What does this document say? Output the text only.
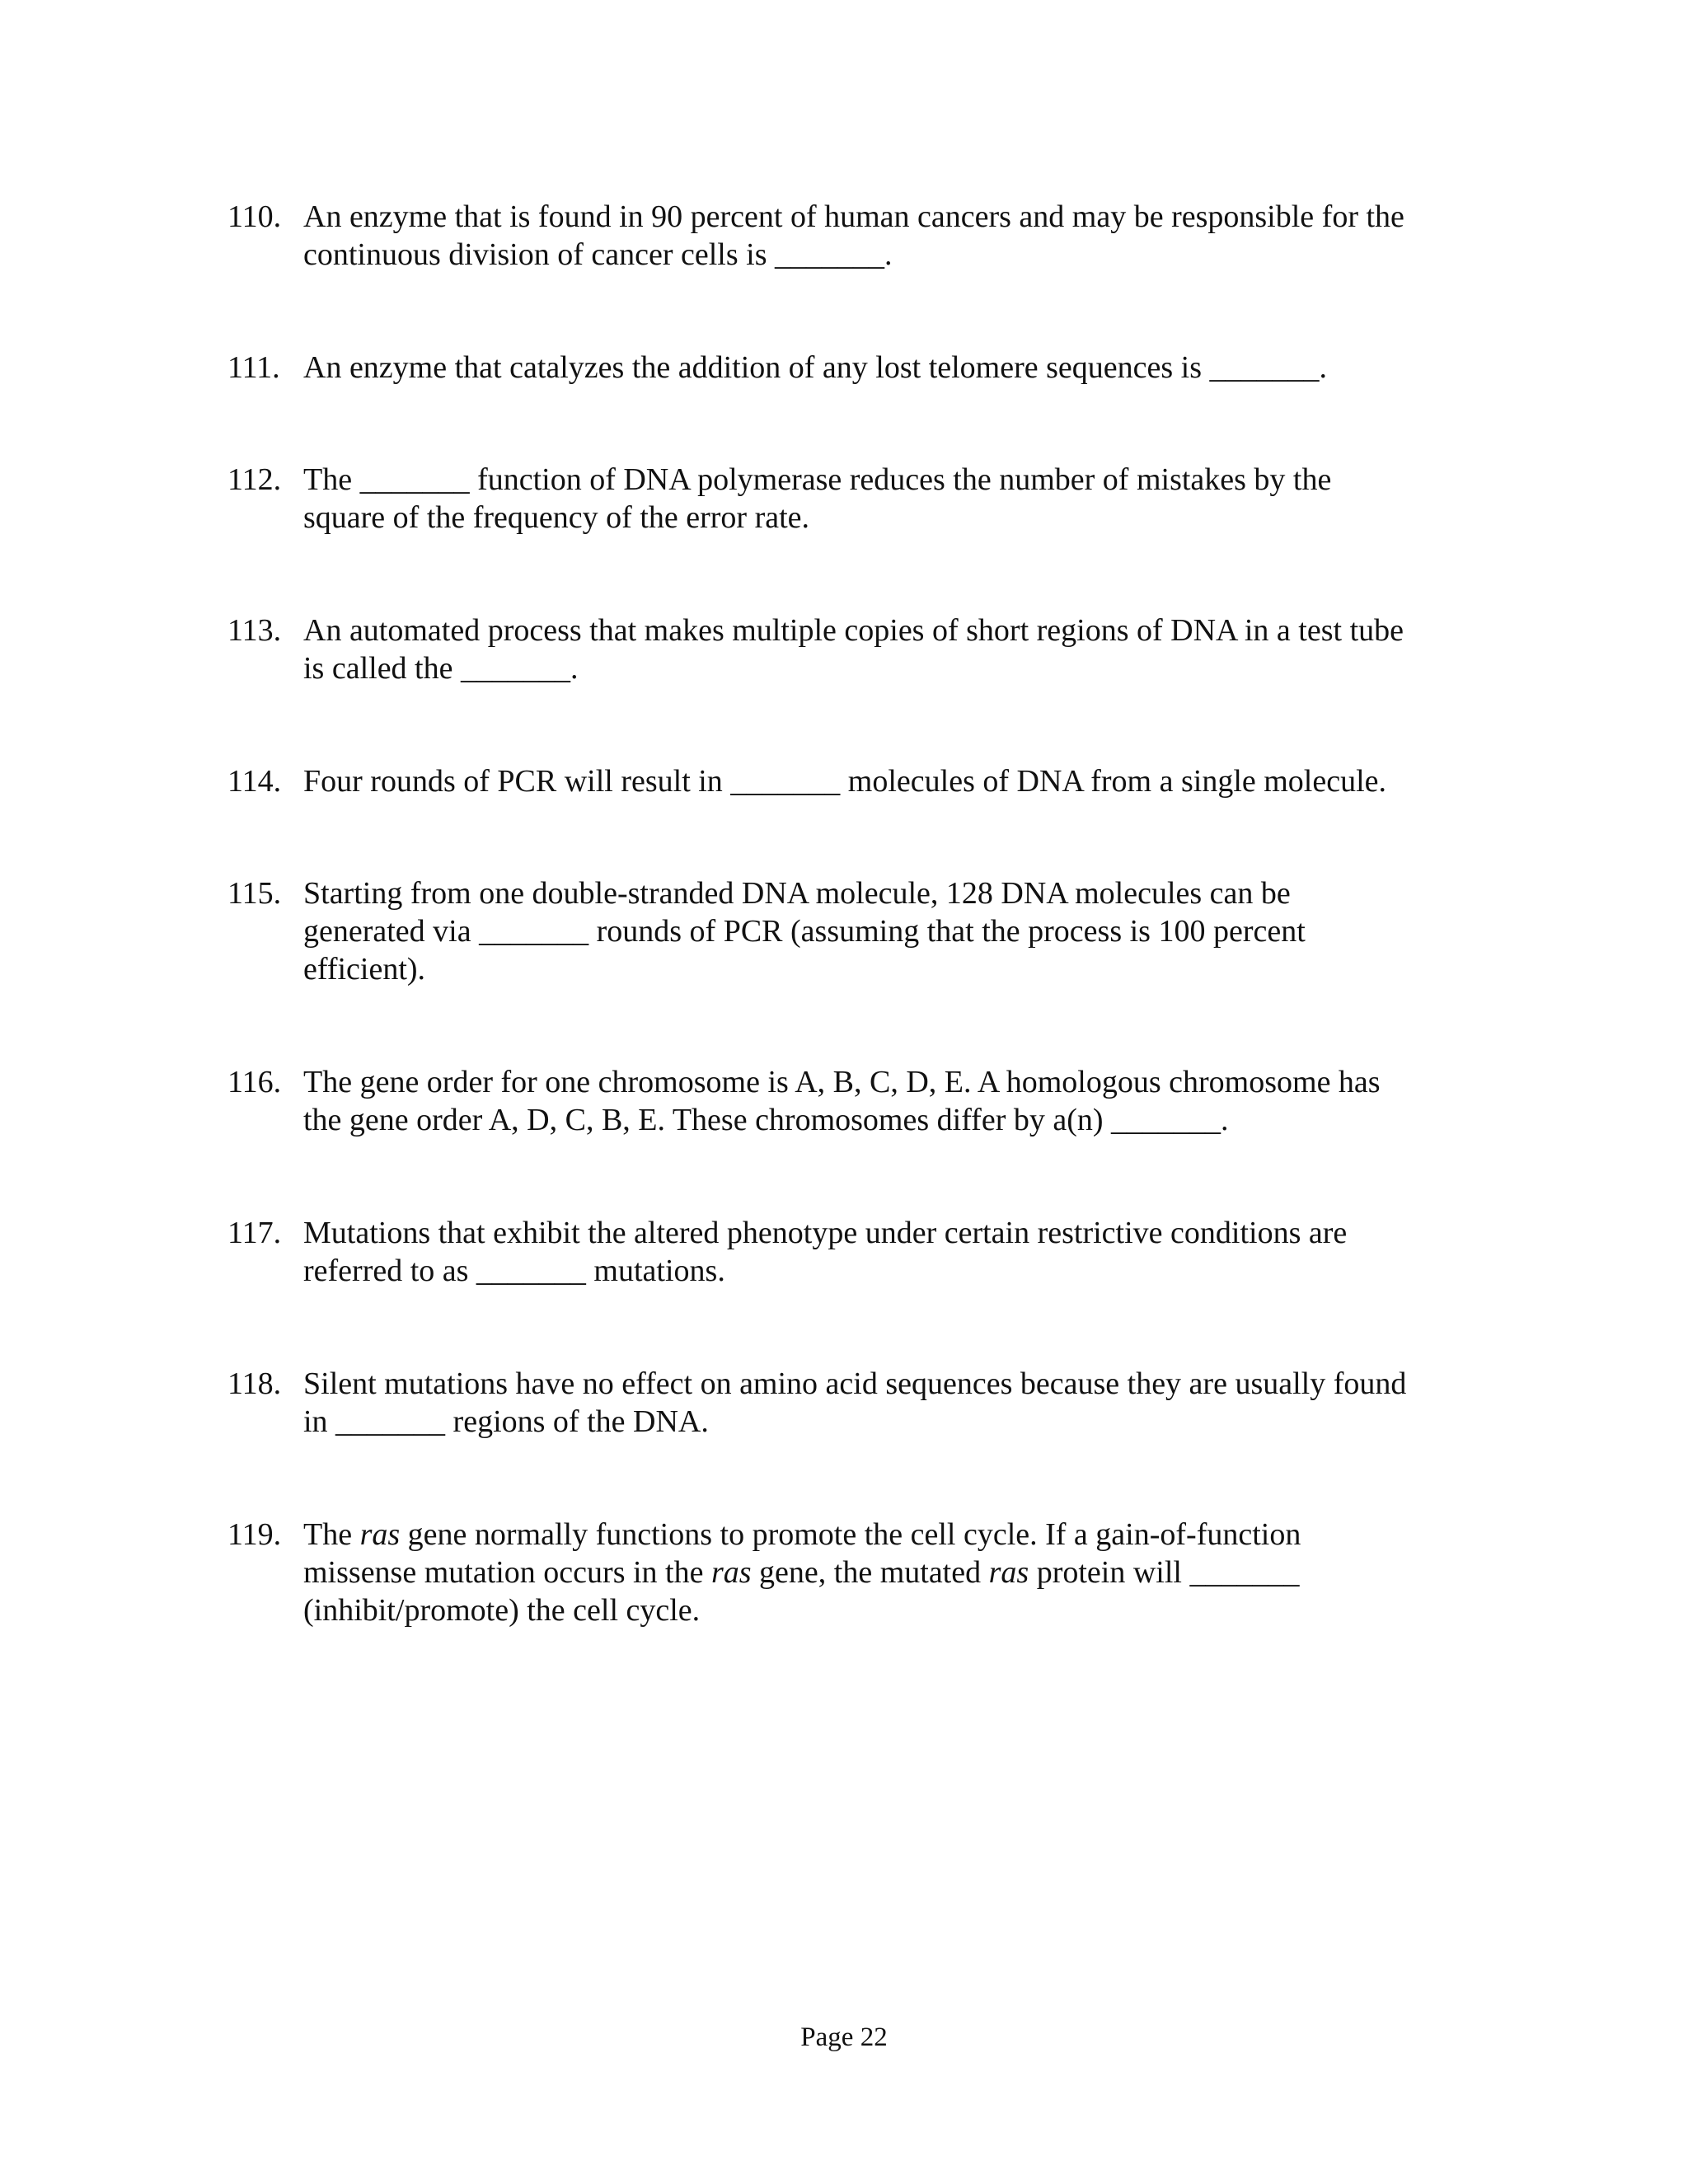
110. An enzyme that is found in 90 percent of human cancers and may be responsible for the
continuous division of cancer cells is _______.
111. An enzyme that catalyzes the addition of any lost telomere sequences is _______.
112. The _______ function of DNA polymerase reduces the number of mistakes by the
square of the frequency of the error rate.
113. An automated process that makes multiple copies of short regions of DNA in a test tube
is called the _______.
114. Four rounds of PCR will result in _______ molecules of DNA from a single molecule.
115. Starting from one double-stranded DNA molecule, 128 DNA molecules can be
generated via _______ rounds of PCR (assuming that the process is 100 percent
efficient).
116. The gene order for one chromosome is A, B, C, D, E. A homologous chromosome has
the gene order A, D, C, B, E. These chromosomes differ by a(n) _______.
117. Mutations that exhibit the altered phenotype under certain restrictive conditions are
referred to as _______ mutations.
118. Silent mutations have no effect on amino acid sequences because they are usually found
in _______ regions of the DNA.
119. The ras gene normally functions to promote the cell cycle. If a gain-of-function
missense mutation occurs in the ras gene, the mutated ras protein will _______
(inhibit/promote) the cell cycle.
Page 22
